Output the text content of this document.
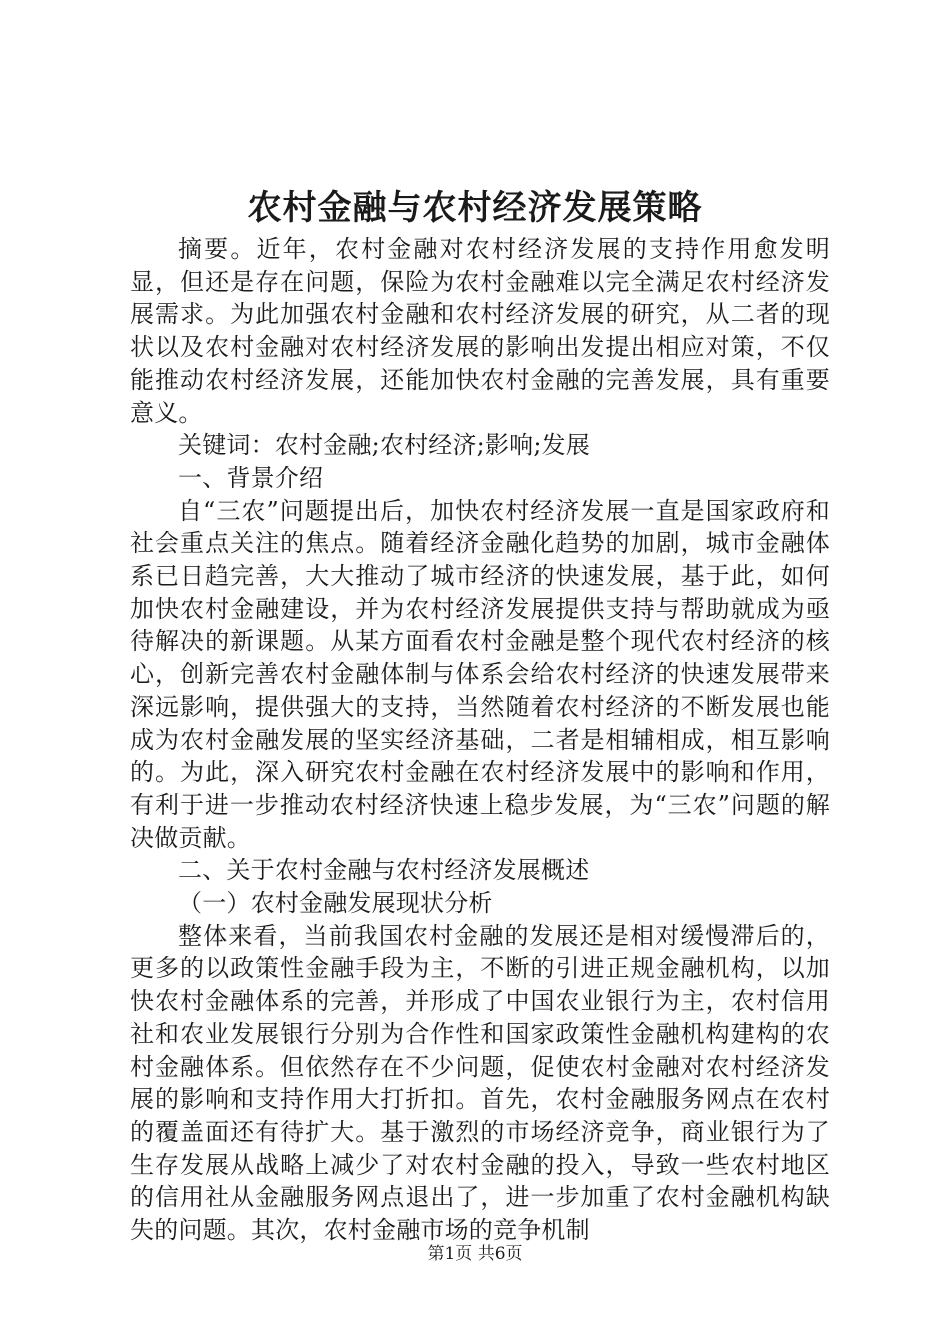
农村金融与农村经济发展策略

摘要。近年，农村金融对农村经济发展的支持作用愈发明显，但还是存在问题，保险为农村金融难以完全满足农村经济发展需求。为此加强农村金融和农村经济发展的研究，从二者的现状以及农村金融对农村经济发展的影响出发提出相应对策，不仅能推动农村经济发展，还能加快农村金融的完善发展，具有重要意义。

关键词：农村金融;农村经济;影响;发展

一、背景介绍

自“三农”问题提出后，加快农村经济发展一直是国家政府和社会重点关注的焦点。随着经济金融化趋势的加剧，城市金融体系已日趋完善，大大推动了城市经济的快速发展，基于此，如何加快农村金融建设，并为农村经济发展提供支持与帮助就成为亟待解决的新课题。从某方面看农村金融是整个现代农村经济的核心，创新完善农村金融体制与体系会给农村经济的快速发展带来深远影响，提供强大的支持，当然随着农村经济的不断发展也能成为农村金融发展的坚实经济基础，二者是相辅相成，相互影响的。为此，深入研究农村金融在农村经济发展中的影响和作用，有利于进一步推动农村经济快速上稳步发展，为“三农”问题的解决做贡献。

二、关于农村金融与农村经济发展概述

（一）农村金融发展现状分析

整体来看，当前我国农村金融的发展还是相对缓慢滞后的，更多的以政策性金融手段为主，不断的引进正规金融机构，以加快农村金融体系的完善，并形成了中国农业银行为主，农村信用社和农业发展银行分别为合作性和国家政策性金融机构建构的农村金融体系。但依然存在不少问题，促使农村金融对农村经济发展的影响和支持作用大打折扣。首先，农村金融服务网点在农村的覆盖面还有待扩大。基于激烈的市场经济竞争，商业银行为了生存发展从战略上减少了对农村金融的投入，导致一些农村地区的信用社从金融服务网点退出了，进一步加重了农村金融机构缺失的问题。其次，农村金融市场的竞争机制

第1页 共6页
